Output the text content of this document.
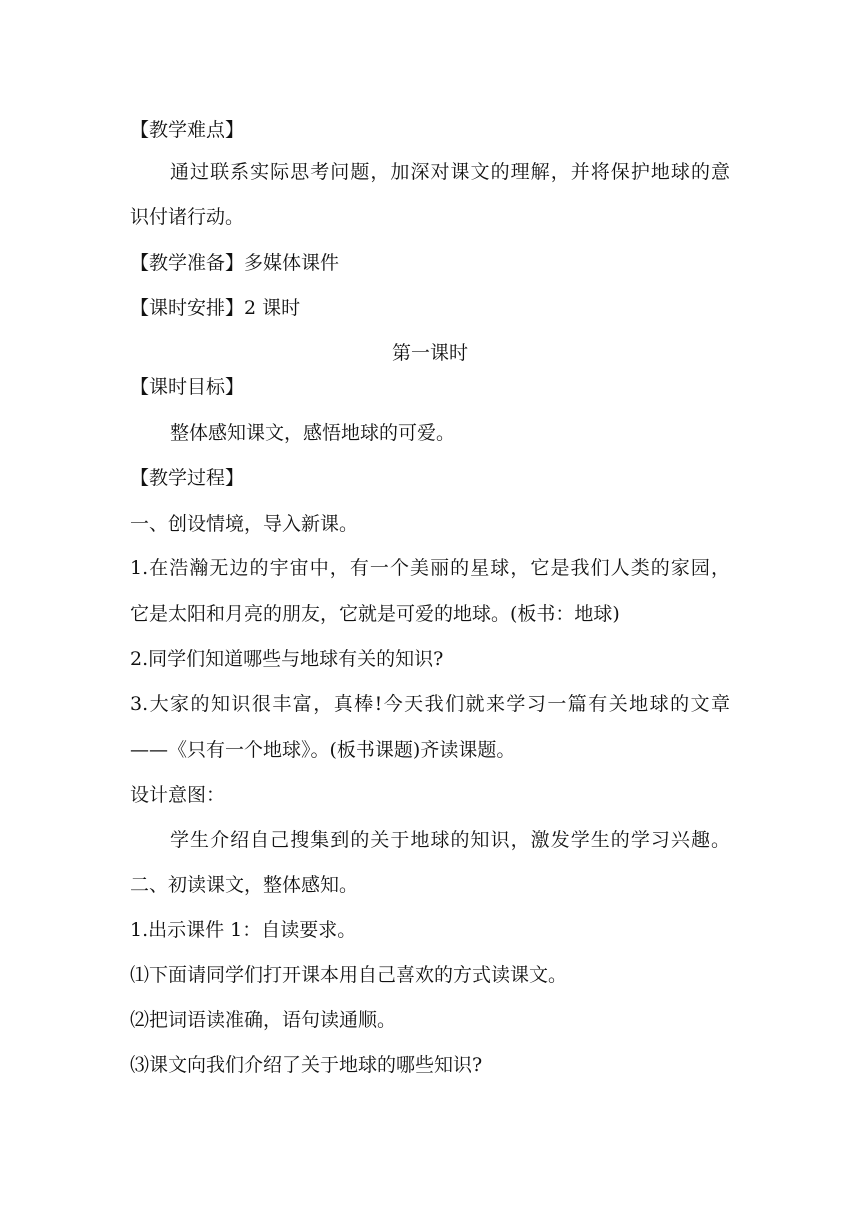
【教学难点】
通过联系实际思考问题，加深对课文的理解，并将保护地球的意
识付诸行动。
【教学准备】多媒体课件
【课时安排】2 课时
第一课时
【课时目标】
整体感知课文，感悟地球的可爱。
【教学过程】
一、创设情境，导入新课。
1.在浩瀚无边的宇宙中，有一个美丽的星球，它是我们人类的家园，
它是太阳和月亮的朋友，它就是可爱的地球。(板书：地球)
2.同学们知道哪些与地球有关的知识?
3.大家的知识很丰富，真棒!今天我们就来学习一篇有关地球的文章
——《只有一个地球》。(板书课题)齐读课题。
设计意图：
学生介绍自己搜集到的关于地球的知识，激发学生的学习兴趣。
二、初读课文，整体感知。
1.出示课件 1：自读要求。
⑴下面请同学们打开课本用自己喜欢的方式读课文。
⑵把词语读准确，语句读通顺。
⑶课文向我们介绍了关于地球的哪些知识?
